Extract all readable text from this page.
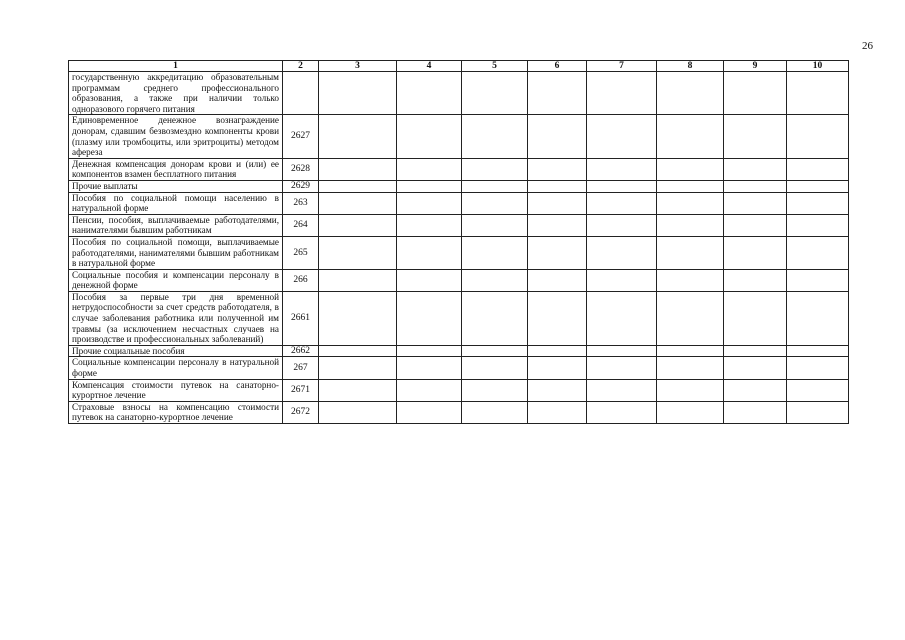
26
1	2	3	4	5	6	7	8	9	10
государственную аккредитацию образовательным программам среднего профессионального образования, а также при наличии только одноразового горячего питания									
Единовременное денежное вознаграждение донорам, сдавшим безвозмездно компоненты крови (плазму или тромбоциты, или эритроциты) методом афереза	2627								
Денежная компенсация донорам крови и (или) ее компонентов взамен бесплатного питания	2628								
Прочие выплаты	2629								
Пособия по социальной помощи населению в натуральной форме	263								
Пенсии, пособия, выплачиваемые работодателями, нанимателями бывшим работникам	264								
Пособия по социальной помощи, выплачиваемые работодателями, нанимателями бывшим работникам в натуральной форме	265								
Социальные пособия и компенсации персоналу в денежной форме	266								
Пособия за первые три дня временной нетрудоспособности за счет средств работодателя, в случае заболевания работника или полученной им травмы (за исключением несчастных случаев на производстве и профессиональных заболеваний)	2661								
Прочие социальные пособия	2662								
Социальные компенсации персоналу в натуральной форме	267								
Компенсация стоимости путевок на санаторно-курортное лечение	2671								
Страховые взносы на компенсацию стоимости путевок на санаторно-курортное лечение	2672								
